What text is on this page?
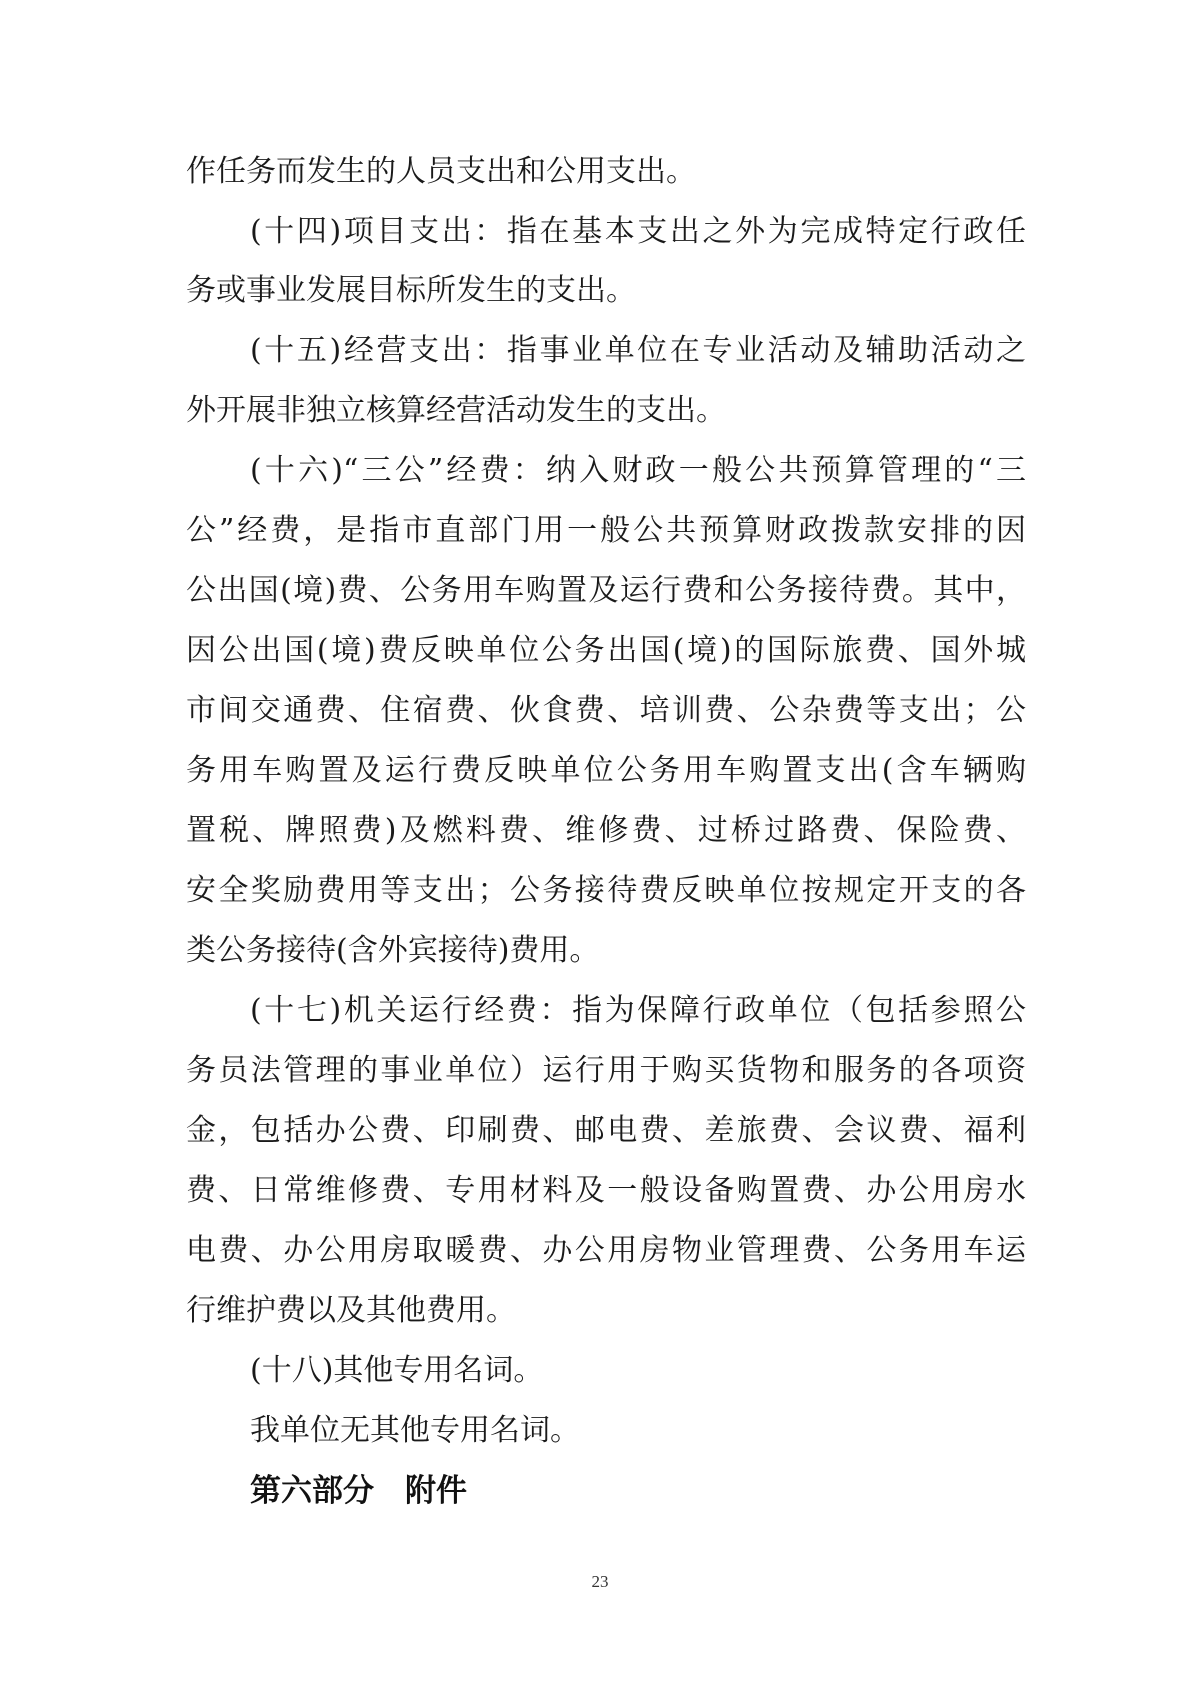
作任务而发生的人员支出和公用支出。
(十四)项目支出：指在基本支出之外为完成特定行政任
务或事业发展目标所发生的支出。
(十五)经营支出：指事业单位在专业活动及辅助活动之
外开展非独立核算经营活动发生的支出。
(十六)“三公”经费：纳入财政一般公共预算管理的“三
公”经费，是指市直部门用一般公共预算财政拨款安排的因
公出国(境)费、公务用车购置及运行费和公务接待费。其中，
因公出国(境)费反映单位公务出国(境)的国际旅费、国外城
市间交通费、住宿费、伙食费、培训费、公杂费等支出；公
务用车购置及运行费反映单位公务用车购置支出(含车辆购
置税、牌照费)及燃料费、维修费、过桥过路费、保险费、
安全奖励费用等支出；公务接待费反映单位按规定开支的各
类公务接待(含外宾接待)费用。
(十七)机关运行经费：指为保障行政单位（包括参照公
务员法管理的事业单位）运行用于购买货物和服务的各项资
金，包括办公费、印刷费、邮电费、差旅费、会议费、福利
费、日常维修费、专用材料及一般设备购置费、办公用房水
电费、办公用房取暖费、办公用房物业管理费、公务用车运
行维护费以及其他费用。
(十八)其他专用名词。
我单位无其他专用名词。
第六部分　附件
23
